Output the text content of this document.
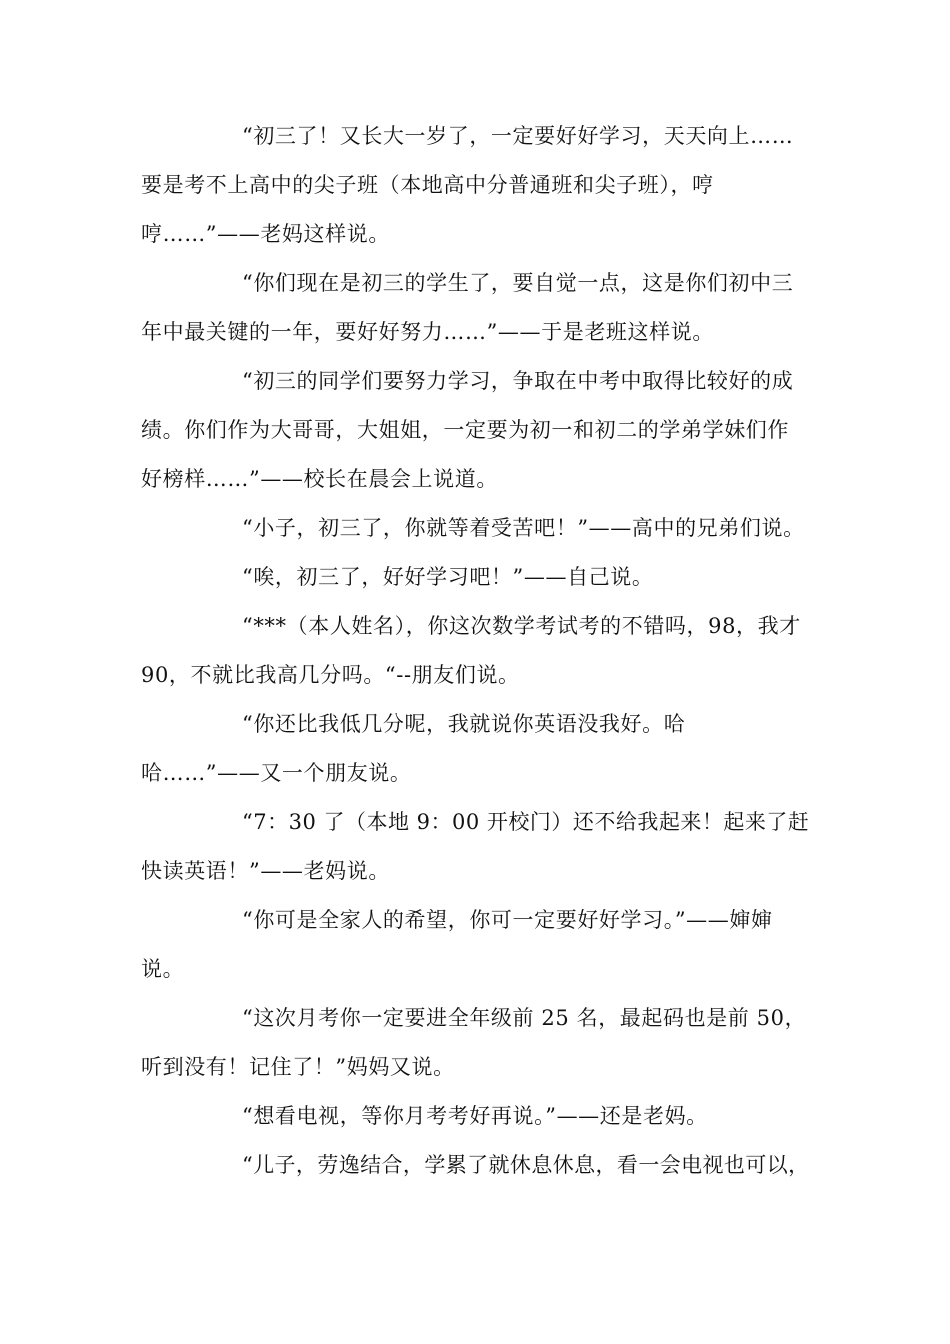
“初三了！又长大一岁了，一定要好好学习，天天向上……
要是考不上高中的尖子班（本地高中分普通班和尖子班），哼
哼……”——老妈这样说。
“你们现在是初三的学生了，要自觉一点，这是你们初中三
年中最关键的一年，要好好努力……”——于是老班这样说。
“初三的同学们要努力学习，争取在中考中取得比较好的成
绩。你们作为大哥哥，大姐姐，一定要为初一和初二的学弟学妹们作
好榜样……”——校长在晨会上说道。
“小子，初三了，你就等着受苦吧！”——高中的兄弟们说。
“唉，初三了，好好学习吧！”——自己说。
“***（本人姓名），你这次数学考试考的不错吗，98，我才
90，不就比我高几分吗。“--朋友们说。
“你还比我低几分呢，我就说你英语没我好。哈
哈……”——又一个朋友说。
“7：30 了（本地 9：00 开校门）还不给我起来！起来了赶
快读英语！”——老妈说。
“你可是全家人的希望，你可一定要好好学习。”——婶婶
说。
“这次月考你一定要进全年级前 25 名，最起码也是前 50，
听到没有！记住了！”妈妈又说。
“想看电视，等你月考考好再说。”——还是老妈。
“儿子，劳逸结合，学累了就休息休息，看一会电视也可以，
